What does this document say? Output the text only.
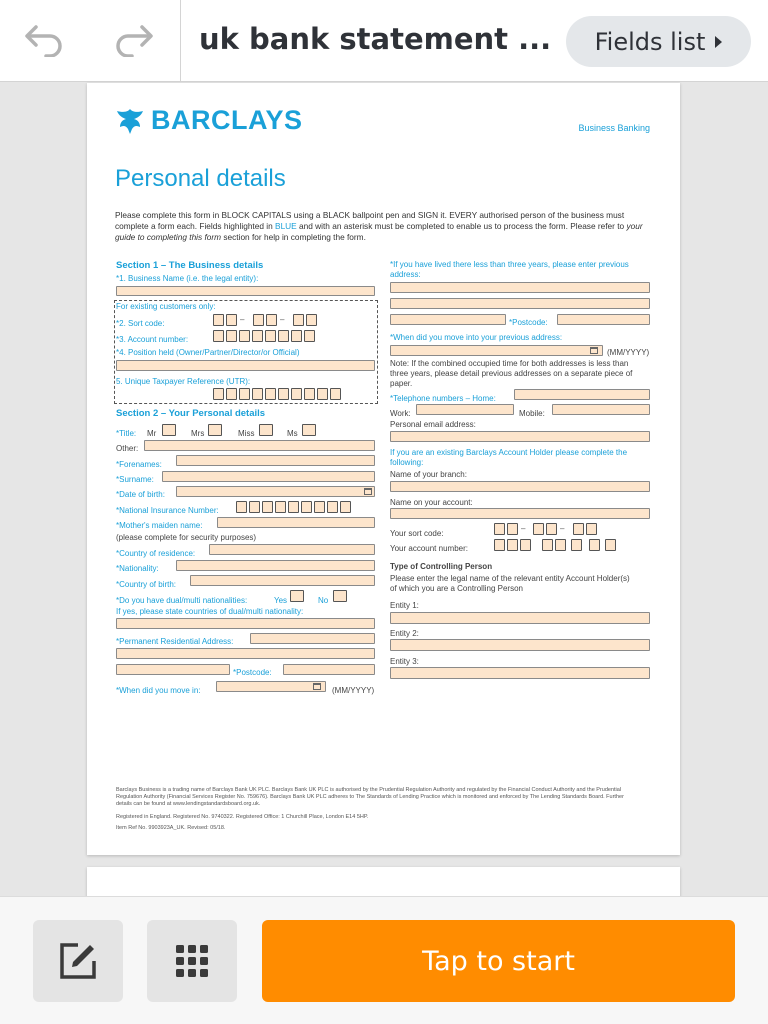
uk bank statement ...	Fields list
BARCLAYS	Business Banking
Personal details
Please complete this form in BLOCK CAPITALS using a BLACK ballpoint pen and SIGN it. EVERY authorised person of the business must complete a form each. Fields highlighted in BLUE and with an asterisk must be completed to enable us to process the form. Please refer to your guide to completing this form section for help in completing the form.
Section 1 – The Business details
*1. Business Name (i.e. the legal entity):
For existing customers only:
*2. Sort code:	–	–
*3. Account number:
*4. Position held (Owner/Partner/Director/or Official)
5. Unique Taxpayer Reference (UTR):
Section 2 – Your Personal details
*Title: Mr	Mrs	Miss	Ms
Other:
*Forenames:
*Surname:
*Date of birth:
*National Insurance Number:
*Mother's maiden name:
(please complete for security purposes)
*Country of residence:
*Nationality:
*Country of birth:
*Do you have dual/multi nationalities:	Yes	No
If yes, please state countries of dual/multi nationality:
*Permanent Residential Address:
*Postcode:
*When did you move in:	(MM/YYYY)
*If you have lived there less than three years, please enter previous address:
*Postcode:
*When did you move into your previous address:
(MM/YYYY)
Note: If the combined occupied time for both addresses is less than three years, please detail previous addresses on a separate piece of paper.
*Telephone numbers – Home:
Work:	Mobile:
Personal email address:
If you are an existing Barclays Account Holder please complete the following:
Name of your branch:
Name on your account:
Your sort code:
–	–
Your account number:
Type of Controlling Person
Please enter the legal name of the relevant entity Account Holder(s) of which you are a Controlling Person
Entity 1:
Entity 2:
Entity 3:
Barclays Business is a trading name of Barclays Bank UK PLC. Barclays Bank UK PLC is authorised by the Prudential Regulation Authority and regulated by the Financial Conduct Authority and the Prudential Regulation Authority (Financial Services Register No. 759676). Barclays Bank UK PLC adheres to The Standards of Lending Practice which is monitored and enforced by The Lending Standards Board. Further details can be found at www.lendingstandardsboard.org.uk.
Registered in England. Registered No. 9740322. Registered Office: 1 Churchill Place, London E14 5HP.
Item Ref No. 9903923A_UK. Revised: 05/18.
Tap to start
